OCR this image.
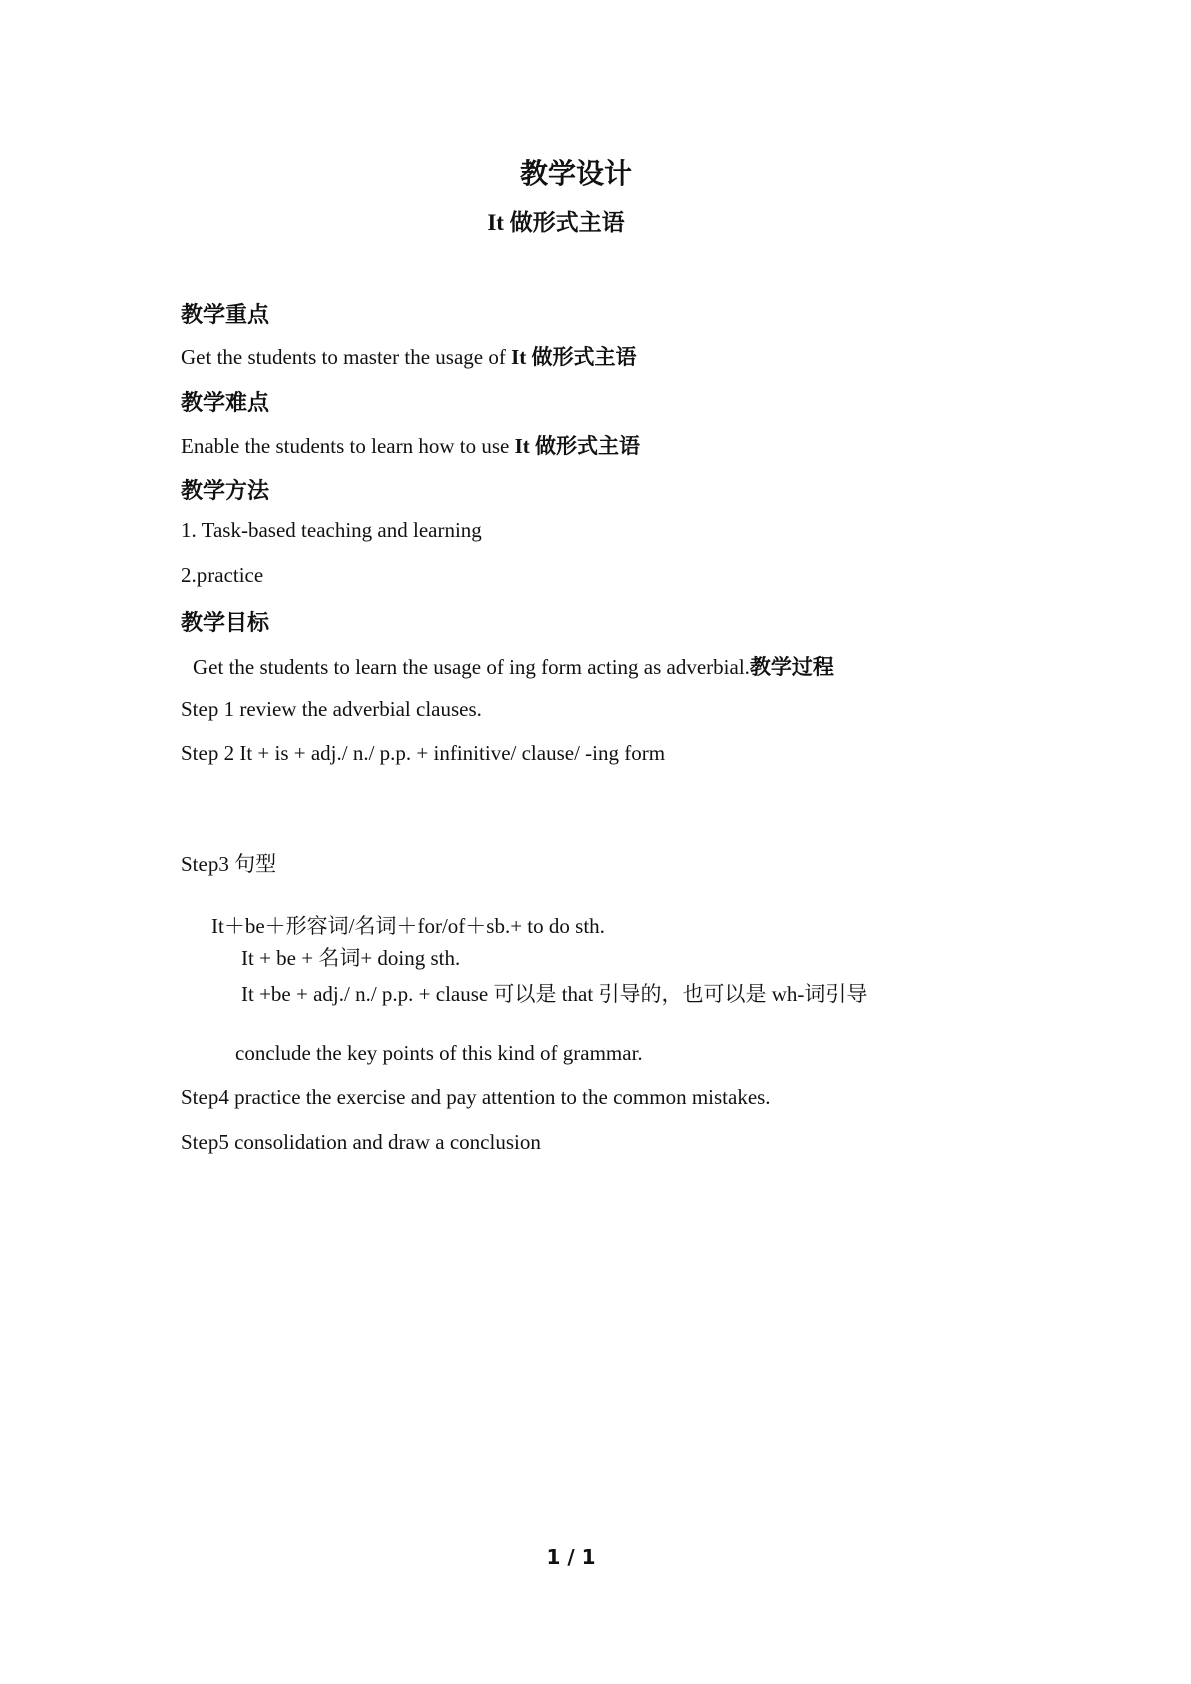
教学设计
It 做形式主语
教学重点
Get the students to master the usage of It 做形式主语
教学难点
Enable the students to learn how to use It 做形式主语
教学方法
1. Task-based teaching and learning
2.practice
教学目标
Get the students to learn the usage of ing form acting as adverbial.教学过程
Step 1 review the adverbial clauses.
Step 2 It + is + adj./ n./ p.p. + infinitive/ clause/ -ing form
Step3 句型
It＋be＋形容词/名词＋for/of＋sb.+ to do sth.
It + be + 名词+ doing sth.
It +be + adj./ n./ p.p. + clause 可以是 that 引导的，也可以是 wh-词引导
conclude the key points of this kind of grammar.
Step4 practice the exercise and pay attention to the common mistakes.
Step5 consolidation and draw a conclusion
1 / 1
